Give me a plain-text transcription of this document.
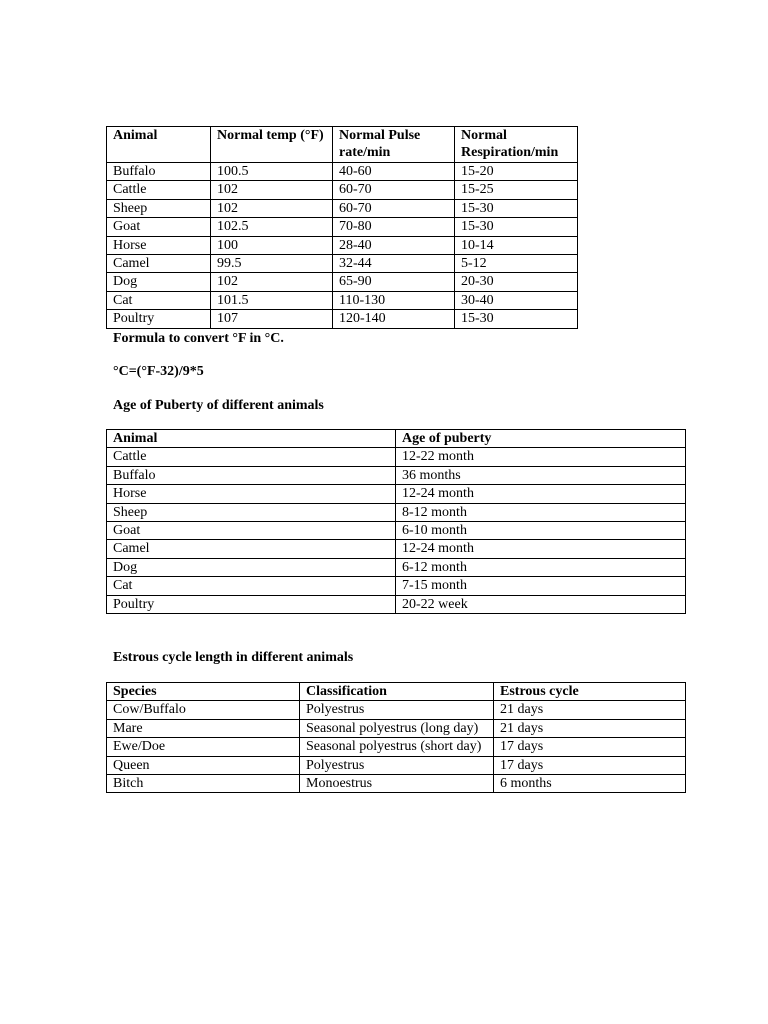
Animal	Normal temp (°F)	Normal Pulse rate/min	Normal Respiration/min
Buffalo	100.5	40-60	15-20
Cattle	102	60-70	15-25
Sheep	102	60-70	15-30
Goat	102.5	70-80	15-30
Horse	100	28-40	10-14
Camel	99.5	32-44	5-12
Dog	102	65-90	20-30
Cat	101.5	110-130	30-40
Poultry	107	120-140	15-30
Formula to convert °F in °C.
°C=(°F-32)/9*5
Age of Puberty of different animals
Animal	Age of puberty
Cattle	12-22 month
Buffalo	36 months
Horse	12-24 month
Sheep	8-12 month
Goat	6-10 month
Camel	12-24 month
Dog	6-12 month
Cat	7-15 month
Poultry	20-22 week
Estrous cycle length in different animals
Species	Classification	Estrous cycle
Cow/Buffalo	Polyestrus	21 days
Mare	Seasonal polyestrus (long day)	21 days
Ewe/Doe	Seasonal polyestrus (short day)	17 days
Queen	Polyestrus	17 days
Bitch	Monoestrus	6 months
